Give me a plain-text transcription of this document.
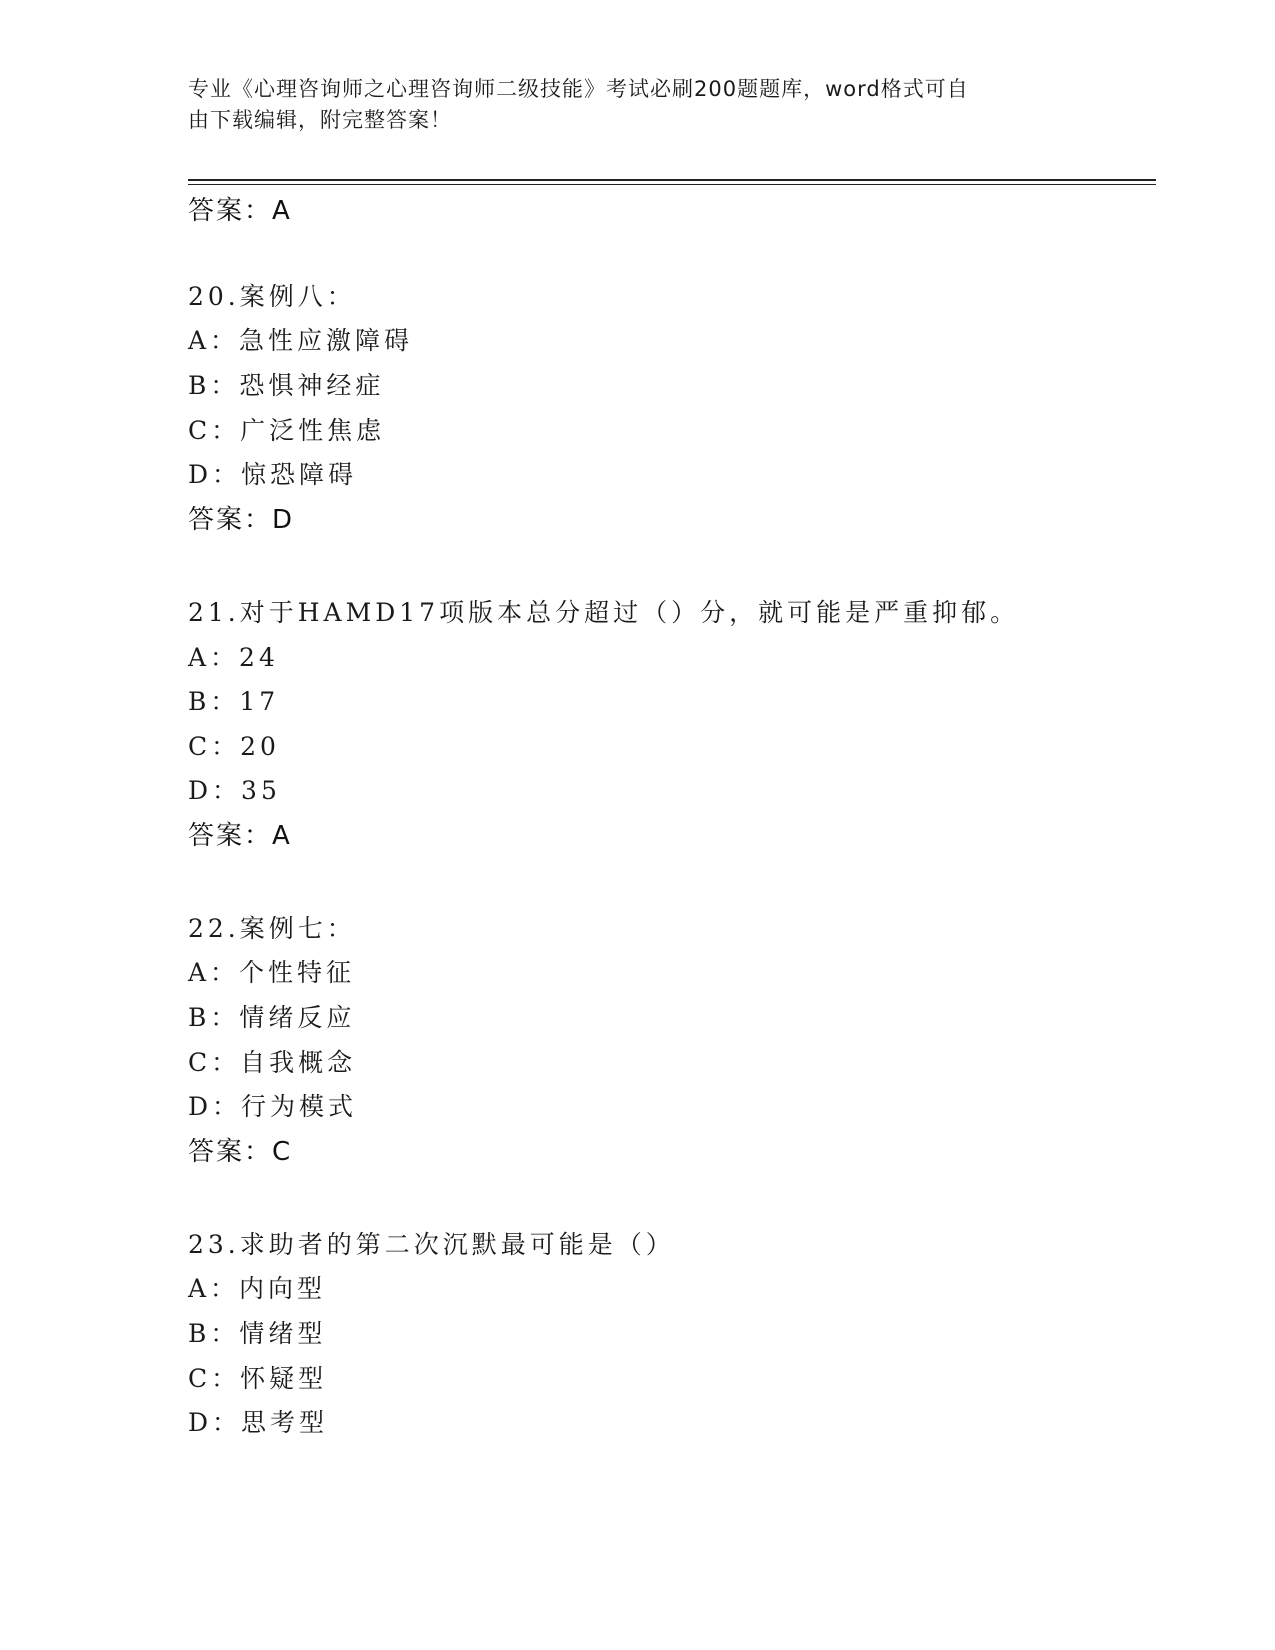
专业《心理咨询师之心理咨询师二级技能》考试必刷200题题库，word格式可自
由下载编辑，附完整答案！
答案：A
20.案例八：
A：急性应激障碍
B：恐惧神经症
C：广泛性焦虑
D：惊恐障碍
答案：D
21.对于HAMD17项版本总分超过（）分，就可能是严重抑郁。
A：24
B：17
C：20
D：35
答案：A
22.案例七：
A：个性特征
B：情绪反应
C：自我概念
D：行为模式
答案：C
23.求助者的第二次沉默最可能是（）
A：内向型
B：情绪型
C：怀疑型
D：思考型
